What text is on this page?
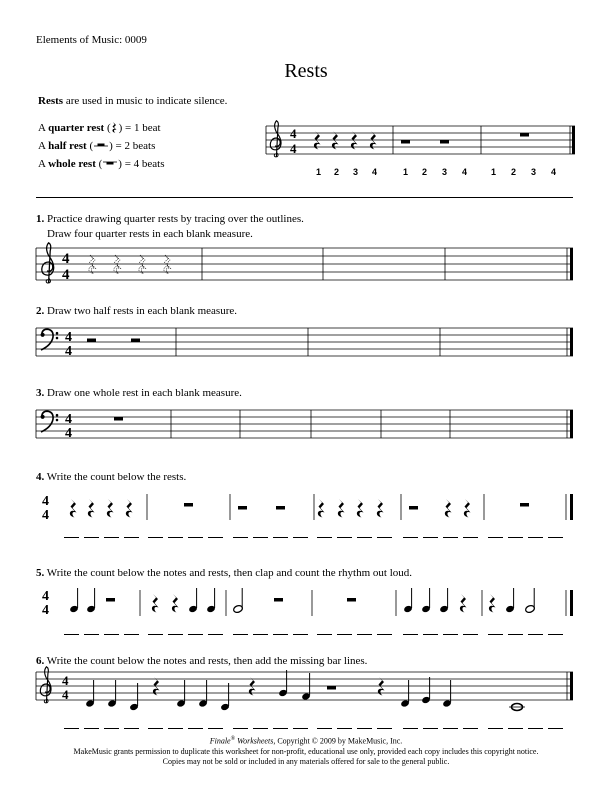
Elements of Music: 0009
Rests
Rests are used in music to indicate silence.
A quarter rest ( ) = 1 beat
A half rest ( ) = 2 beats
A whole rest ( ) = 4 beats
1 2 3 4	1 2 3 4	1 2 3 4
1. Practice drawing quarter rests by tracing over the outlines.
Draw four quarter rests in each blank measure.
2. Draw two half rests in each blank measure.
3. Draw one whole rest in each blank measure.
4. Write the count below the rests.
5. Write the count below the notes and rests, then clap and count the rhythm out loud.
6. Write the count below the notes and rests, then add the missing bar lines.
4
4
4
4
4
4
4
4
4
4
4
4
4
4
Finale® Worksheets, Copyright © 2009 by MakeMusic, Inc.
MakeMusic grants permission to duplicate this worksheet for non-profit, educational use only, provided each copy includes this copyright notice.
Copies may not be sold or included in any materials offered for sale to the general public.
